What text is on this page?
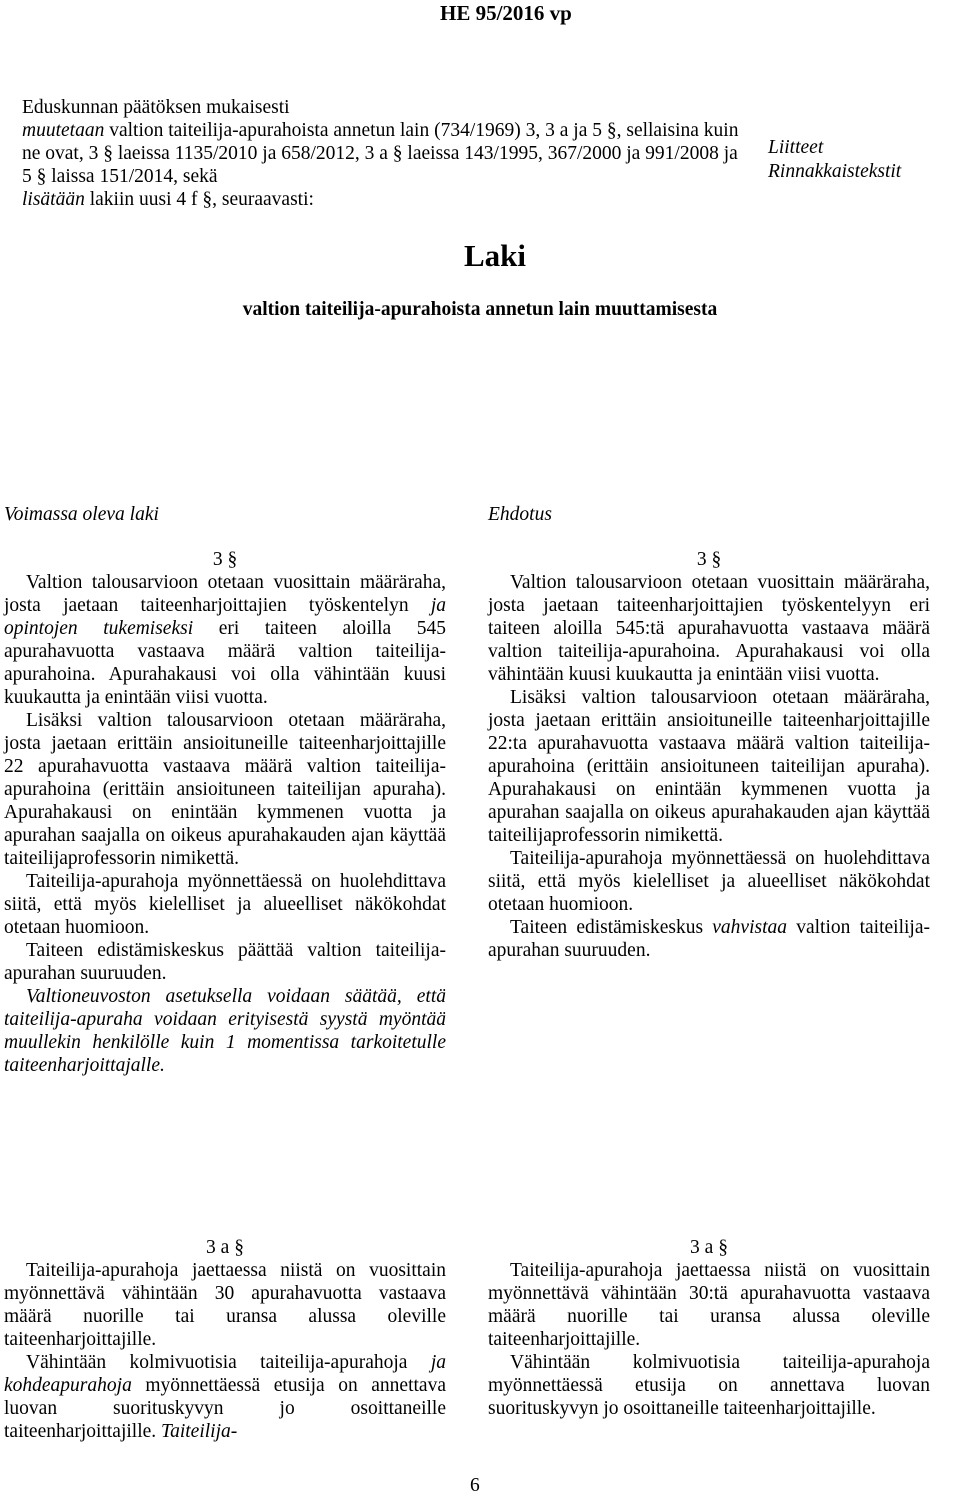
HE 95/2016 vp
Liitteet
Rinnakkaistekstit
Laki
valtion taiteilija-apurahoista annetun lain muuttamisesta
Eduskunnan päätöksen mukaisesti
muutetaan valtion taiteilija-apurahoista annetun lain (734/1969) 3, 3 a ja 5 §, sellaisina kuin
ne ovat, 3 § laeissa 1135/2010 ja 658/2012, 3 a § laeissa 143/1995, 367/2000 ja 991/2008 ja
5 § laissa 151/2014, sekä
lisätään lakiin uusi 4 f §, seuraavasti:
Voimassa oleva laki	Ehdotus

3 §

Valtion talousarvioon otetaan vuosittain määräraha, josta jaetaan taiteenharjoittajien työskentelyn ja opintojen tukemiseksi eri taiteen aloilla 545 apurahavuotta vastaava määrä valtion taiteilija-apurahoina. Apurahakausi voi olla vähintään kuusi kuukautta ja enintään viisi vuotta.

Lisäksi valtion talousarvioon otetaan määräraha, josta jaetaan erittäin ansioituneille taiteenharjoittajille 22 apurahavuotta vastaava määrä valtion taiteilija-apurahoina (erittäin ansioituneen taiteilijan apuraha). Apurahakausi on enintään kymmenen vuotta ja apurahan saajalla on oikeus apurahakauden ajan käyttää taiteilijaprofessorin nimikettä.

Taiteilija-apurahoja myönnettäessä on huolehdittava siitä, että myös kielelliset ja alueelliset näkökohdat otetaan huomioon.

Taiteen edistämiskeskus päättää valtion taiteilija-apurahan suuruuden.

Valtioneuvoston asetuksella voidaan säätää, että taiteilija-apuraha voidaan erityisestä syystä myöntää muullekin henkilölle kuin 1 momentissa tarkoitetulle taiteenharjoittajalle.

3 §

Valtion talousarvioon otetaan vuosittain määräraha, josta jaetaan taiteenharjoittajien työskentelyyn eri taiteen aloilla 545:tä apurahavuotta vastaava määrä valtion taiteilija-apurahoina. Apurahakausi voi olla vähintään kuusi kuukautta ja enintään viisi vuotta.

Lisäksi valtion talousarvioon otetaan määräraha, josta jaetaan erittäin ansioituneille taiteenharjoittajille 22:ta apurahavuotta vastaava määrä valtion taiteilija-apurahoina (erittäin ansioituneen taiteilijan apuraha). Apurahakausi on enintään kymmenen vuotta ja apurahan saajalla on oikeus apurahakauden ajan käyttää taiteilijaprofessorin nimikettä.

Taiteilija-apurahoja myönnettäessä on huolehdittava siitä, että myös kielelliset ja alueelliset näkökohdat otetaan huomioon.

Taiteen edistämiskeskus vahvistaa valtion taiteilija-apurahan suuruuden.

3 a §

Taiteilija-apurahoja jaettaessa niistä on vuosittain myönnettävä vähintään 30 apurahavuotta vastaava määrä nuorille tai uransa alussa oleville taiteenharjoittajille.

Vähintään kolmivuotisia taiteilija-apurahoja ja kohdeapurahoja myönnettäessä etusija on annettava luovan suorituskyvyn jo osoittaneille taiteenharjoittajille. Taiteilija-

3 a §

Taiteilija-apurahoja jaettaessa niistä on vuosittain myönnettävä vähintään 30:tä apurahavuotta vastaava määrä nuorille tai uransa alussa oleville taiteenharjoittajille.

Vähintään kolmivuotisia taiteilija-apurahoja myönnettäessä etusija on annettava luovan suorituskyvyn jo osoittaneille taiteenharjoittajille.

6
